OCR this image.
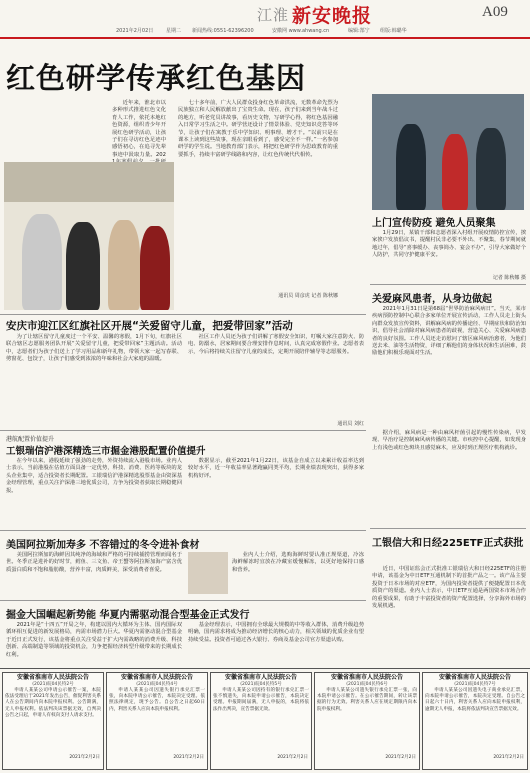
江淮 新安晚报	A09
2021年2月02日	星期二 新闻热线:0551-62396200	安徽网 www.ahwang.cn	编辑:郜宁 组版:韩璐华
红色研学传承红色基因

近年来，淮北市以多种形式推进红色文化育人工作，依托本地红色资源，组织青少年开展红色研学活动，让孩子们在寻访红色足迹中感悟初心，在追寻先辈事迹中汲取力量。202

七十多年前，广大人民群众投身红色革命洪流，无数革命先烈为民族独立和人民解放献出了宝贵生命。现在，孩子们来到当年战斗过的地方，听老党员讲故事，看历史文物，写研学心得，将红色基因融入日常学习生活之中。研学营还设计了情景体验、党史知识竞答等环节，让孩子们在寓教于乐中学知识、明事理、增才干。“以前只是在课本上读到这些故事，现在亲眼看到了，感受完全不一样。”一名参加研学的学生说。当地教育部门表示，将把红色研学作为思政教育的重要抓手，持续丰富研学线路和内容，让红色传统代代相传。

通讯员 周彦虎 记者 陈秋娜
上门宣传防疫 避免人员聚集

1月29日，某镇干部和志愿者深入村组开展疫情防控宣传，挨家挨户发放倡议书，提醒村民非必要不外出、不聚集，春节期间就地过年，倡导“喜事缓办、丧事简办、宴会不办”，引导大家做好个人防护，共同守护健康平安。

记者 陈秋娜 摄
关爱麻风患者，从身边做起

2021年1月31日是第68届“世界防治麻风病日”。当天，某市疾病预防控制中心联合多家单位开展宣传活动，工作人员走上街头向群众发放宣传资料，讲解麻风病的传播途径、早期症状和防治知识，倡导社会消除对麻风病患者的歧视，营造关心、关爱麻风病患者的良好氛围。工作人员还走访慰问了辖区麻风病治愈者，为他们送去米、油等生活物资，详细了解他们的身体状况和生活困难，鼓励他们积极乐观面对生活。

据介绍，麻风病是一种由麻风杆菌引起的慢性传染病，早发现、早治疗是控制麻风病传播的关键。市疾控中心提醒，如发现身上有浅色或红色斑块且感觉麻木，应及时到正规医疗机构就诊。

安庆市迎江区红旗社区开展“关爱留守儿童，把爱带回家”活动

为了让辖区留守儿童度过一个平安、温馨的寒假，1月下旬，红旗社区联合辖区志愿服务团队开展“关爱留守儿童，把爱带回家”主题活动。活动中，志愿者们为孩子们送上了学习用品和新年礼物，带领大家一起写春联、剪窗花、包饺子，让孩子们感受到浓浓的年味和社会大家庭的温暖。

社区工作人员还为孩子们讲解了寒假安全知识，叮嘱大家注意防火、防电、防溺水，居家期间要合理安排作息时间，认真完成寒假作业。志愿者表示，今后将持续关注留守儿童的成长，定期开展陪伴辅导等志愿服务。

通讯员 刘红
港航配置价值提升
工银瑞信沪港深精选三市掘金港股配置价值提升

在今年以来，港股延续了强劲的走势，外资持续流入港股市场。业内人士表示，当前港股在估值方面具备一定优势，科技、消费、医药等板块的龙头企业集中，适合投资者长期配置。工银瑞信沪港深精选股票基金由资深基金经理管理，重点关注沪深港三地优质公司，力争为投资者获取长期稳健回报。

数据显示，截至2021年1月22日，该基金自成立以来累计收益率达到较好水平，近一年收益率显著跑赢同类平均，长期业绩表现突出，获得多家机构好评。

美国阿拉斯加寿多 不容错过的冬令进补食材

美国阿拉斯加的海鲜因其纯净的海域和严格的可持续捕捞管理而闻名于世。冬季正是进补的好时节，鳕鱼、三文鱼、帝王蟹等阿拉斯加海产富含优质蛋白质和不饱和脂肪酸，营养丰富，肉质鲜美，深受消费者喜爱。

业内人士介绍，选购海鲜时要认准正规渠道，冷冻海鲜解冻时宜放在冷藏室缓慢解冻，以更好地保持口感和营养。

工银信大和日经225ETF正式获批

近日，中国证监会正式批准工银瑞信大和日经225ETF的注册申请，该基金为中日ETF互通机制下的首批产品之一。该产品主要投资于日本市场的对应ETF，为国内投资者提供了便捷配置日本优质资产的渠道。业内人士表示，中日ETF互通是两国资本市场合作的重要成果，有助于丰富投资者的资产配置选择，分享海外市场的发展机遇。

掘金大国崛起新势能 华夏内需驱动混合型基金正式发行

2021年是“十四五”开局之年，构建以国内大循环为主体、国内国际双循环相互促进的新发展格局，内需市场潜力巨大。华夏内需驱动混合型基金于近日正式发行，该基金将重点关注受益于扩大内需战略的消费升级、科技创新、高端制造等领域的投资机会，力争把握经济转型升级带来的长期成长红利。

基金经理表示，中国拥有全球最大规模的中等收入群体，消费升级趋势明确，国内需求将成为推动经济增长的核心动力，相关领域的优质企业有望持续受益。投资者可通过各大银行、券商及基金公司官方渠道认购。

安徽省淮南市人民法院公告
(2021)皖04民特2号

申请人某某公司申请公示催告一案，本院依法受理后于2021年发出公告，催促利害关系人在公告期间内向本院申报权利。公告期满，无人申报权利。依法判决该票据无效，自判决公告之日起，申请人有权向支付人请求支付。

2021年2月2日
安徽省淮南市人民法院公告
(2021)皖04民特4号

申请人某某公司因遗失银行承兑汇票一张，向本院申请公示催告，本院决定受理。依照法律规定，现予公告。自公告之日起60日内，利害关系人应向本院申报权利。

2021年2月2日
安徽省淮南市人民法院公告
(2021)皖04民特5号

申请人某某公司因持有的银行承兑汇票一张不慎遗失，向本院申请公示催告，本院决定受理。申报期间届满，无人申报的，本院将依法作出判决，宣告票据无效。

2021年2月2日
安徽省淮南市人民法院公告
(2021)皖04民特6号

申请人某某公司遗失银行承兑汇票一张，向本院申请公示催告。在公示催告期间，转让该票据的行为无效。利害关系人应在规定期限内向本院申报权利。

2021年2月2日
安徽省淮南市人民法院公告
(2021)皖04民特7号

申请人某某公司因遗失电子商业承兑汇票，向本院申请公示催告，本院决定受理。自公告之日起六十日内，利害关系人应向本院申报权利，逾期无人申报，本院将依法判决宣告票据无效。

2021年2月2日
